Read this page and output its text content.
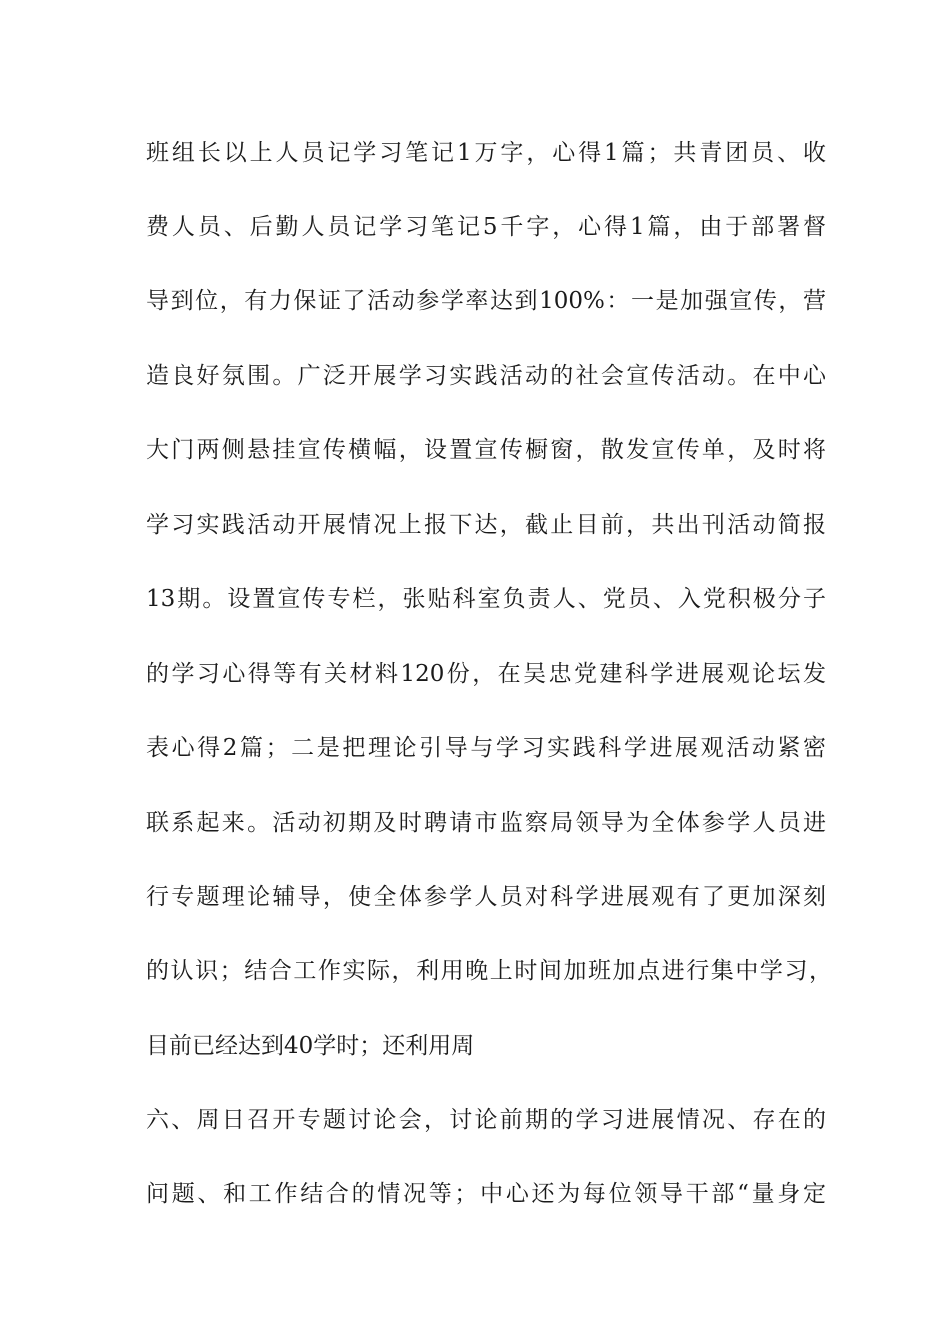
班组长以上人员记学习笔记1万字，心得1篇；共青团员、收
费人员、后勤人员记学习笔记5千字，心得1篇，由于部署督
导到位，有力保证了活动参学率达到100%：一是加强宣传，营
造良好氛围。广泛开展学习实践活动的社会宣传活动。在中心
大门两侧悬挂宣传横幅，设置宣传橱窗，散发宣传单，及时将
学习实践活动开展情况上报下达，截止目前，共出刊活动简报
13期。设置宣传专栏，张贴科室负责人、党员、入党积极分子
的学习心得等有关材料120份，在吴忠党建科学进展观论坛发
表心得2篇；二是把理论引导与学习实践科学进展观活动紧密
联系起来。活动初期及时聘请市监察局领导为全体参学人员进
行专题理论辅导，使全体参学人员对科学进展观有了更加深刻
的认识；结合工作实际，利用晚上时间加班加点进行集中学习，
目前已经达到40学时；还利用周
六、周日召开专题讨论会，讨论前期的学习进展情况、存在的
问题、和工作结合的情况等；中心还为每位领导干部“量身定
